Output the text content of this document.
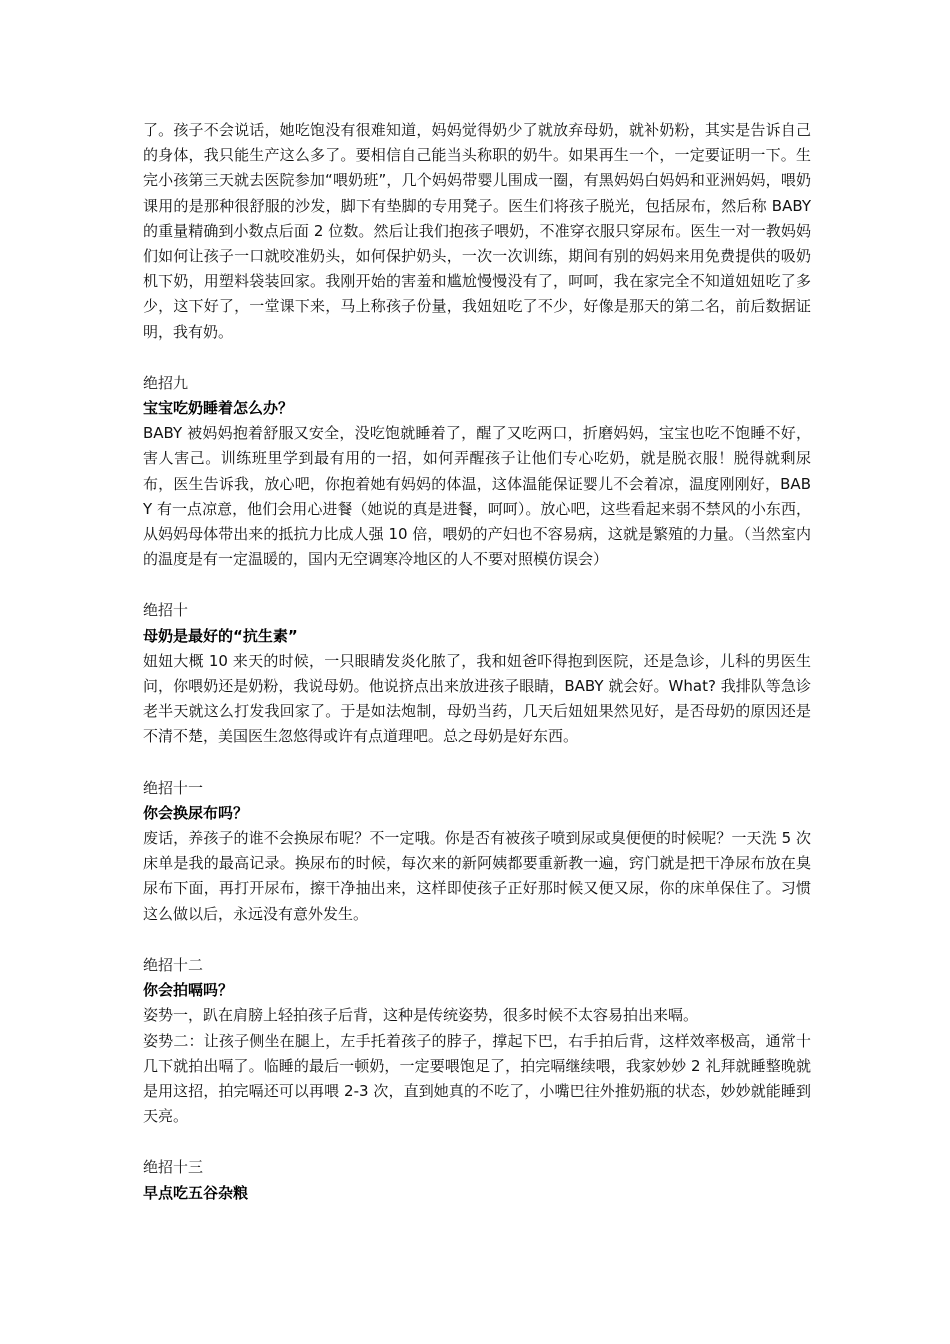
了。孩子不会说话，她吃饱没有很难知道，妈妈觉得奶少了就放弃母奶，就补奶粉，其实是告诉自己的身体，我只能生产这么多了。要相信自己能当头称职的奶牛。如果再生一个，一定要证明一下。生完小孩第三天就去医院参加“喂奶班”，几个妈妈带婴儿围成一圈，有黑妈妈白妈妈和亚洲妈妈，喂奶课用的是那种很舒服的沙发，脚下有垫脚的专用凳子。医生们将孩子脱光，包括尿布，然后称 BABY 的重量精确到小数点后面 2 位数。然后让我们抱孩子喂奶，不准穿衣服只穿尿布。医生一对一教妈妈们如何让孩子一口就咬准奶头，如何保护奶头，一次一次训练，期间有别的妈妈来用免费提供的吸奶机下奶，用塑料袋装回家。我刚开始的害羞和尴尬慢慢没有了，呵呵，我在家完全不知道妞妞吃了多少，这下好了，一堂课下来，马上称孩子份量，我妞妞吃了不少，好像是那天的第二名，前后数据证明，我有奶。

绝招九

宝宝吃奶睡着怎么办？

BABY 被妈妈抱着舒服又安全，没吃饱就睡着了，醒了又吃两口，折磨妈妈，宝宝也吃不饱睡不好，害人害己。训练班里学到最有用的一招，如何弄醒孩子让他们专心吃奶，就是脱衣服！脱得就剩尿布，医生告诉我，放心吧，你抱着她有妈妈的体温，这体温能保证婴儿不会着凉，温度刚刚好，BABY 有一点凉意，他们会用心进餐（她说的真是进餐，呵呵）。放心吧，这些看起来弱不禁风的小东西，从妈妈母体带出来的抵抗力比成人强 10 倍，喂奶的产妇也不容易病，这就是繁殖的力量。（当然室内的温度是有一定温暖的，国内无空调寒冷地区的人不要对照模仿误会）

绝招十

母奶是最好的“抗生素”

妞妞大概 10 来天的时候，一只眼睛发炎化脓了，我和妞爸吓得抱到医院，还是急诊，儿科的男医生问，你喂奶还是奶粉，我说母奶。他说挤点出来放进孩子眼睛，BABY 就会好。What? 我排队等急诊老半天就这么打发我回家了。于是如法炮制，母奶当药，几天后妞妞果然见好，是否母奶的原因还是不清不楚，美国医生忽悠得或许有点道理吧。总之母奶是好东西。

绝招十一

你会换尿布吗？

废话，养孩子的谁不会换尿布呢？不一定哦。你是否有被孩子喷到尿或臭便便的时候呢？一天洗 5 次床单是我的最高记录。换尿布的时候，每次来的新阿姨都要重新教一遍，窍门就是把干净尿布放在臭尿布下面，再打开尿布，擦干净抽出来，这样即使孩子正好那时候又便又尿，你的床单保住了。习惯这么做以后，永远没有意外发生。

绝招十二

你会拍嗝吗？

姿势一，趴在肩膀上轻拍孩子后背，这种是传统姿势，很多时候不太容易拍出来嗝。

姿势二：让孩子侧坐在腿上，左手托着孩子的脖子，撑起下巴，右手拍后背，这样效率极高，通常十几下就拍出嗝了。临睡的最后一顿奶，一定要喂饱足了，拍完嗝继续喂，我家妙妙 2 礼拜就睡整晚就是用这招，拍完嗝还可以再喂 2-3 次，直到她真的不吃了，小嘴巴往外推奶瓶的状态，妙妙就能睡到天亮。

绝招十三

早点吃五谷杂粮
